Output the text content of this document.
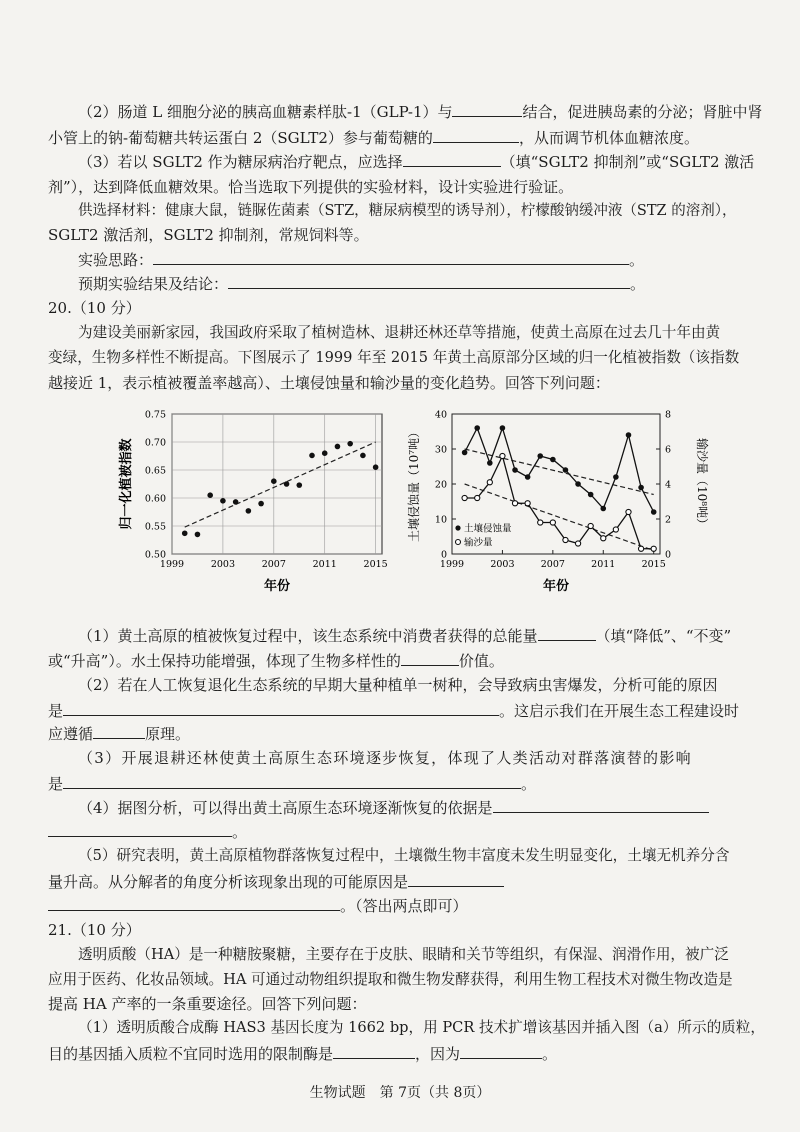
（2）肠道 L 细胞分泌的胰高血糖素样肽-1（GLP-1）与	结合，促进胰岛素的分泌；肾脏中肾

小管上的钠-葡萄糖共转运蛋白 2（SGLT2）参与葡萄糖的	，从而调节机体血糖浓度。
（3）若以 SGLT2 作为糖尿病治疗靶点，应选择	（填“SGLT2 抑制剂”或“SGLT2 激活
剂”），达到降低血糖效果。恰当选取下列提供的实验材料，设计实验进行验证。
供选择材料：健康大鼠，链脲佐菌素（STZ，糖尿病模型的诱导剂），柠檬酸钠缓冲液（STZ 的溶剂），
SGLT2 激活剂，SGLT2 抑制剂，常规饲料等。
实验思路：	。
预期实验结果及结论：	。
20.（10 分）
为建设美丽新家园，我国政府采取了植树造林、退耕还林还草等措施，使黄土高原在过去几十年由黄
变绿，生物多样性不断提高。下图展示了 1999 年至 2015 年黄土高原部分区域的归一化植被指数（该指数
越接近 1，表示植被覆盖率越高）、土壤侵蚀量和输沙量的变化趋势。回答下列问题：
0.50
0.55
0.60
0.65
0.70
0.75
1999	2003	2007	2011	2015
年份
归一化植被指数
0
10
20
30
40
0
2
4
6
8
1999	2003	2007	2011	2015
土壤侵蚀量
输沙量
年份
土壤侵蚀量（10⁷吨）	输沙量（10⁸吨）
（1）黄土高原的植被恢复过程中，该生态系统中消费者获得的总能量	（填“降低”、“不变”
或“升高”）。水土保持功能增强，体现了生物多样性的	价值。
（2）若在人工恢复退化生态系统的早期大量种植单一树种，会导致病虫害爆发，分析可能的原因
是	。这启示我们在开展生态工程建设时
应遵循	原理。
（3）开展退耕还林使黄土高原生态环境逐步恢复，体现了人类活动对群落演替的影响
是	。
（4）据图分析，可以得出黄土高原生态环境逐渐恢复的依据是
。
（5）研究表明，黄土高原植物群落恢复过程中，土壤微生物丰富度未发生明显变化，土壤无机养分含
量升高。从分解者的角度分析该现象出现的可能原因是
。（答出两点即可）
21.（10 分）
透明质酸（HA）是一种糖胺聚糖，主要存在于皮肤、眼睛和关节等组织，有保湿、润滑作用，被广泛
应用于医药、化妆品领域。HA 可通过动物组织提取和微生物发酵获得，利用生物工程技术对微生物改造是
提高 HA 产率的一条重要途径。回答下列问题：
（1）透明质酸合成酶 HAS3 基因长度为 1662 bp，用 PCR 技术扩增该基因并插入图（a）所示的质粒，
目的基因插入质粒不宜同时选用的限制酶是	，因为	。
生物试题　第 7页（共 8页）
